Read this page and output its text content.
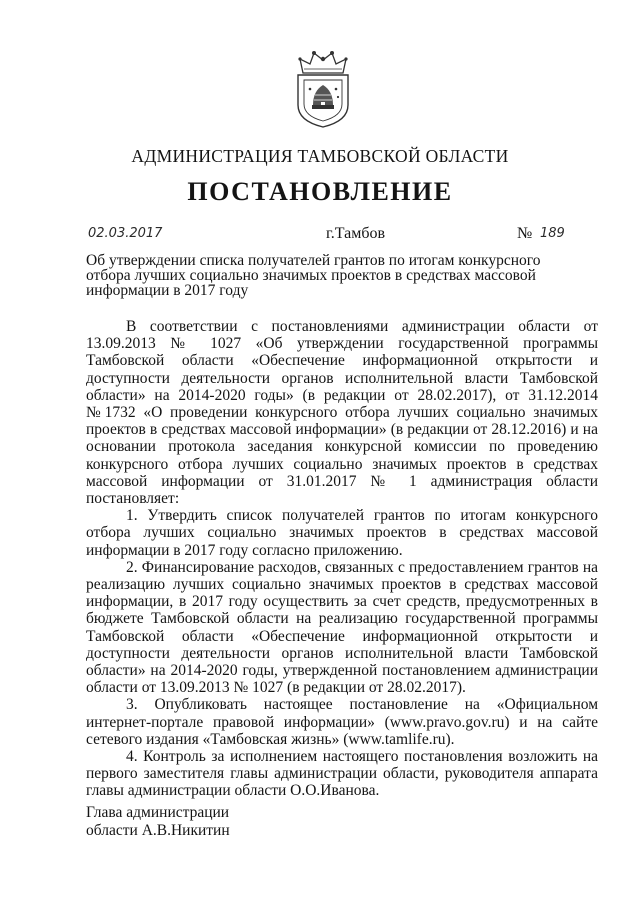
АДМИНИСТРАЦИЯ ТАМБОВСКОЙ ОБЛАСТИ
ПОСТАНОВЛЕНИЕ
02.03.2017	г.Тамбов	№ 189
Об утверждении списка получателей грантов по итогам конкурсного отбора лучших социально значимых проектов в средствах массовой информации в 2017 году

В соответствии с постановлениями администрации области от 13.09.2013 № 1027 «Об утверждении государственной программы Тамбовской области «Обеспечение информационной открытости и доступности деятельности органов исполнительной власти Тамбовской области» на 2014-2020 годы» (в редакции от 28.02.2017), от 31.12.2014 №1732 «О проведении конкурсного отбора лучших социально значимых проектов в средствах массовой информации» (в редакции от 28.12.2016) и на основании протокола заседания конкурсной комиссии по проведению конкурсного отбора лучших социально значимых проектов в средствах массовой информации от 31.01.2017 № 1 администрация области постановляет:

1. Утвердить список получателей грантов по итогам конкурсного отбора лучших социально значимых проектов в средствах массовой информации в 2017 году согласно приложению.

2. Финансирование расходов, связанных с предоставлением грантов на реализацию лучших социально значимых проектов в средствах массовой информации, в 2017 году осуществить за счет средств, предусмотренных в бюджете Тамбовской области на реализацию государственной программы Тамбовской области «Обеспечение информационной открытости и доступности деятельности органов исполнительной власти Тамбовской области» на 2014-2020 годы, утвержденной постановлением администрации области от 13.09.2013 № 1027 (в редакции от 28.02.2017).

3. Опубликовать настоящее постановление на «Официальном интернет-портале правовой информации» (www.pravo.gov.ru) и на сайте сетевого издания «Тамбовская жизнь» (www.tamlife.ru).

4. Контроль за исполнением настоящего постановления возложить на первого заместителя главы администрации области, руководителя аппарата главы администрации области О.О.Иванова.

Глава администрации
области А.В.Никитин
